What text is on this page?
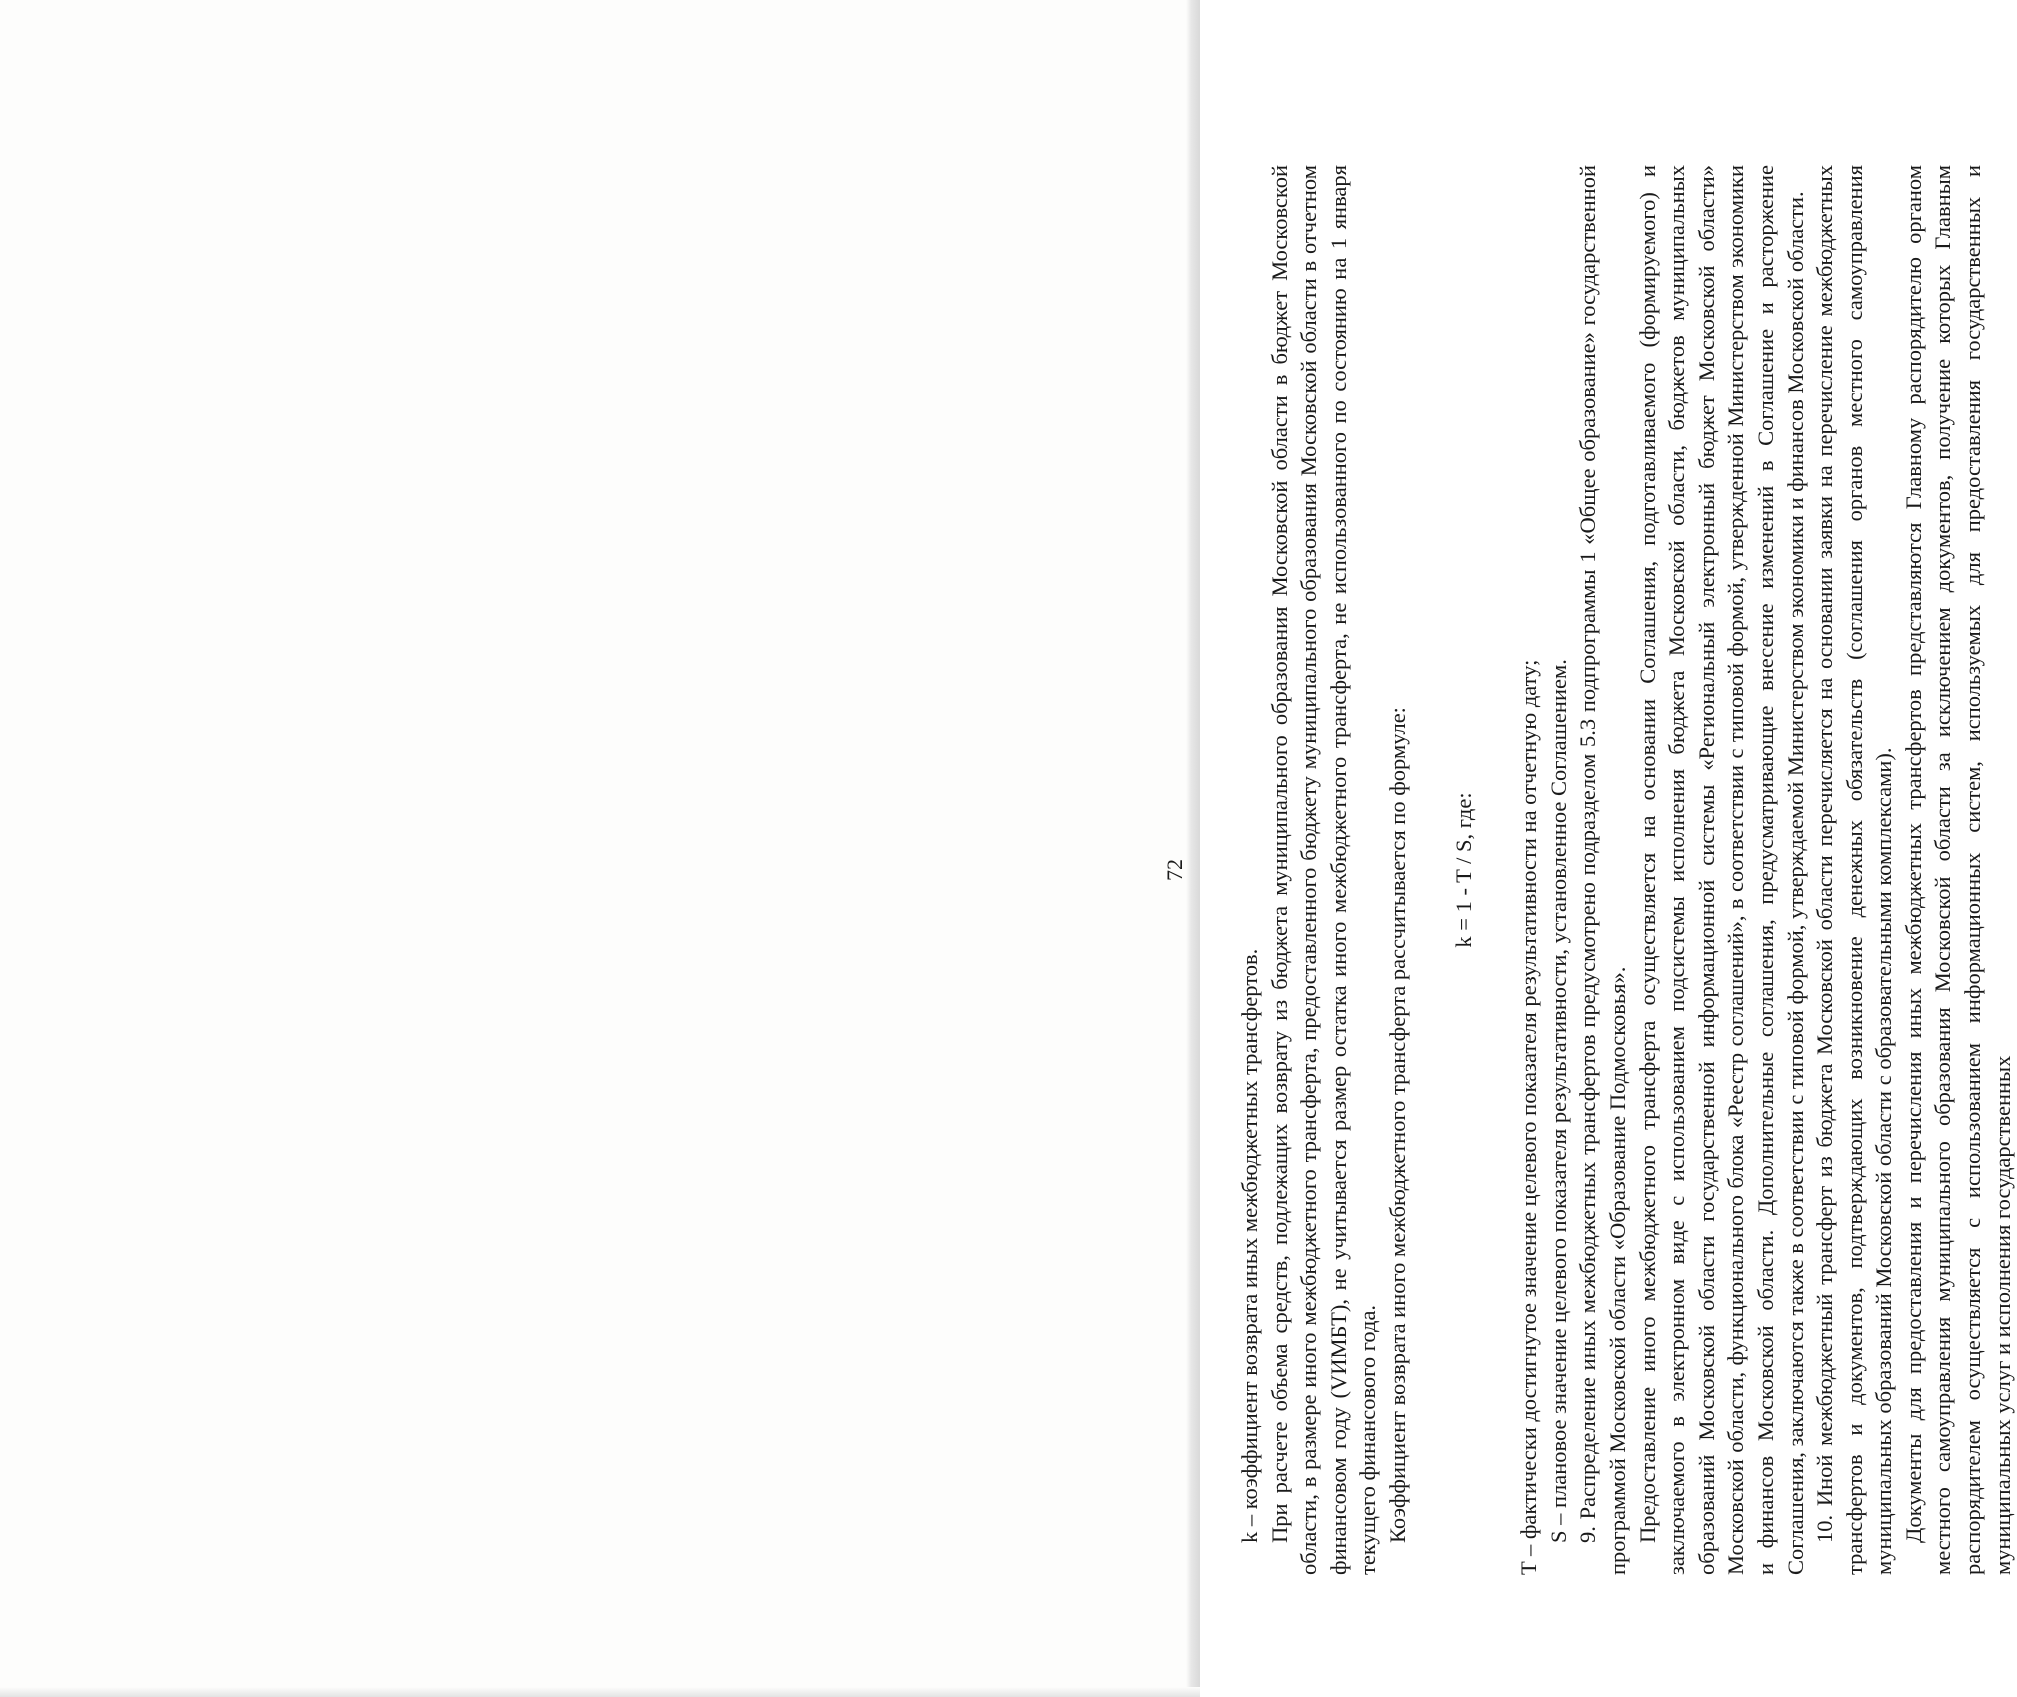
72

k – коэффициент возврата иных межбюджетных трансфертов. При расчете объема средств, подлежащих возврату из бюджета муниципального образования Московской области в бюджет Московской области, в размере иного межбюджетного трансферта, предоставленного бюджету муниципального образования Московской области в отчетном финансовом году (VИМБТ), не учитывается размер остатка иного межбюджетного трансферта, не использованного по состоянию на 1 января текущего финансового года. Коэффициент возврата иного межбюджетного трансферта рассчитывается по формуле: k = 1 - T / S, где: T – фактически достигнутое значение целевого показателя результативности на отчетную дату; S – плановое значение целевого показателя результативности, установленное Соглашением. 9. Распределение иных межбюджетных трансфертов предусмотрено подразделом 5.3 подпрограммы 1 «Общее образование» государственной программой Московской области «Образование Подмосковья». Предоставление иного межбюджетного трансферта осуществляется на основании Соглашения, подготавливаемого (формируемого) и заключаемого в электронном виде с использованием подсистемы исполнения бюджета Московской области, бюджетов муниципальных образований Московской области государственной информационной системы «Региональный электронный бюджет Московской области» Московской области, функционального блока «Реестр соглашений», в соответствии с типовой формой, утвержденной Министерством экономики и финансов Московской области. Дополнительные соглашения, предусматривающие внесение изменений в Соглашение и расторжение Соглашения, заключаются также в соответствии с типовой формой, утверждаемой Министерством экономики и финансов Московской области. 10. Иной межбюджетный трансферт из бюджета Московской области перечисляется на основании заявки на перечисление межбюджетных трансфертов и документов, подтверждающих возникновение денежных обязательств (соглашения органов местного самоуправления муниципальных образований Московской области с образовательными комплексами). Документы для предоставления и перечисления иных межбюджетных трансфертов представляются Главному распорядителю органом местного самоуправления муниципального образования Московской области за исключением документов, получение которых Главным распорядителем осуществляется с использованием информационных систем, используемых для предоставления государственных и муниципальных услуг и исполнения государственных
